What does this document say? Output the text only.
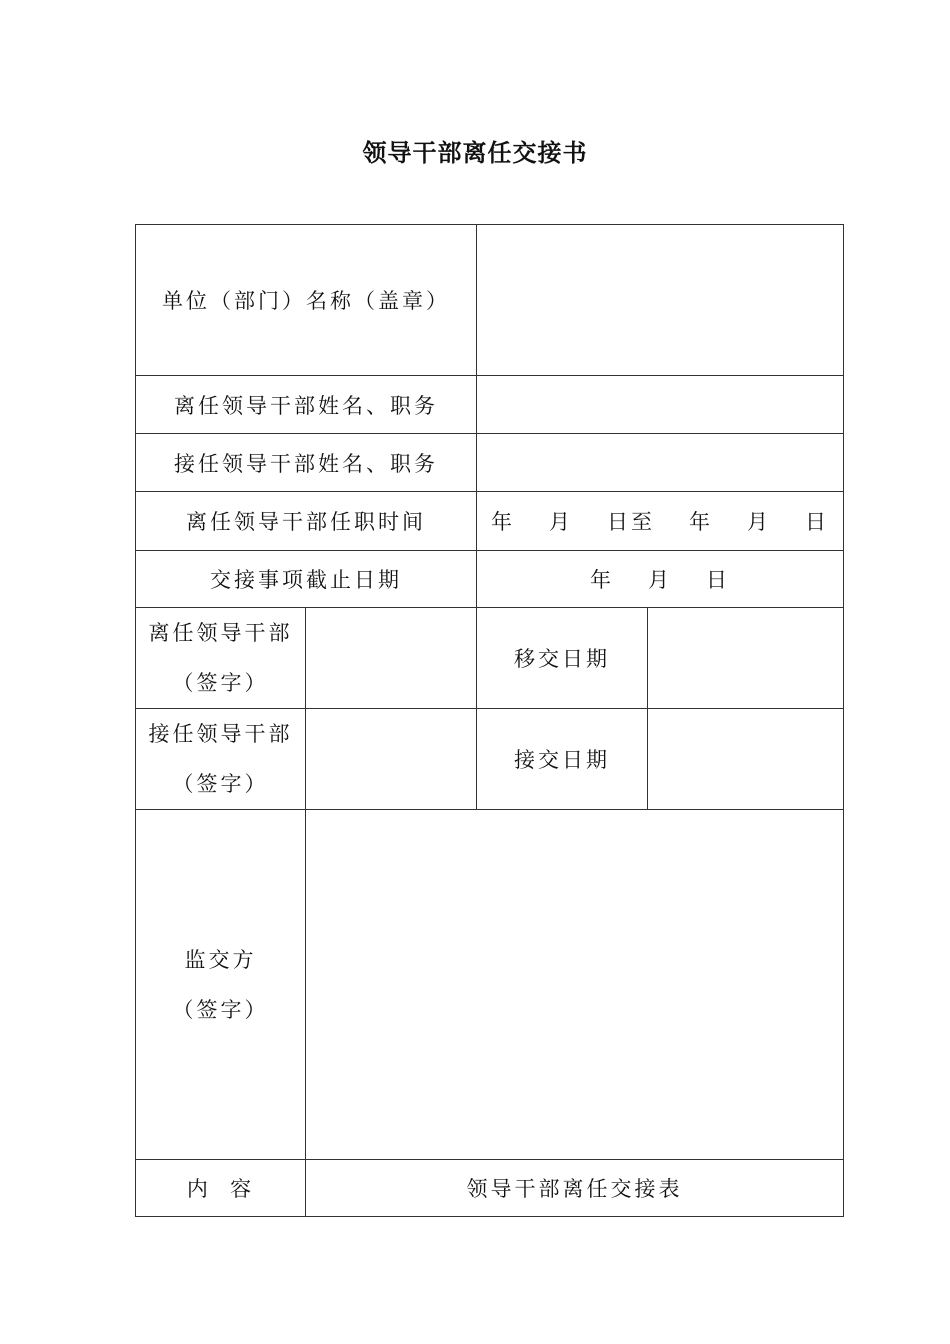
领导干部离任交接书
单位（部门）名称（盖章）			
离任领导干部姓名、职务			
接任领导干部姓名、职务			
离任领导干部任职时间		年 月 日至 年 月 日	
交接事项截止日期		年 月 日	

离任领导干部
（签字）		移交日期	

接任领导干部
（签字）		接交日期	

监交方
（签字）			

内  容	领导干部离任交接表		
